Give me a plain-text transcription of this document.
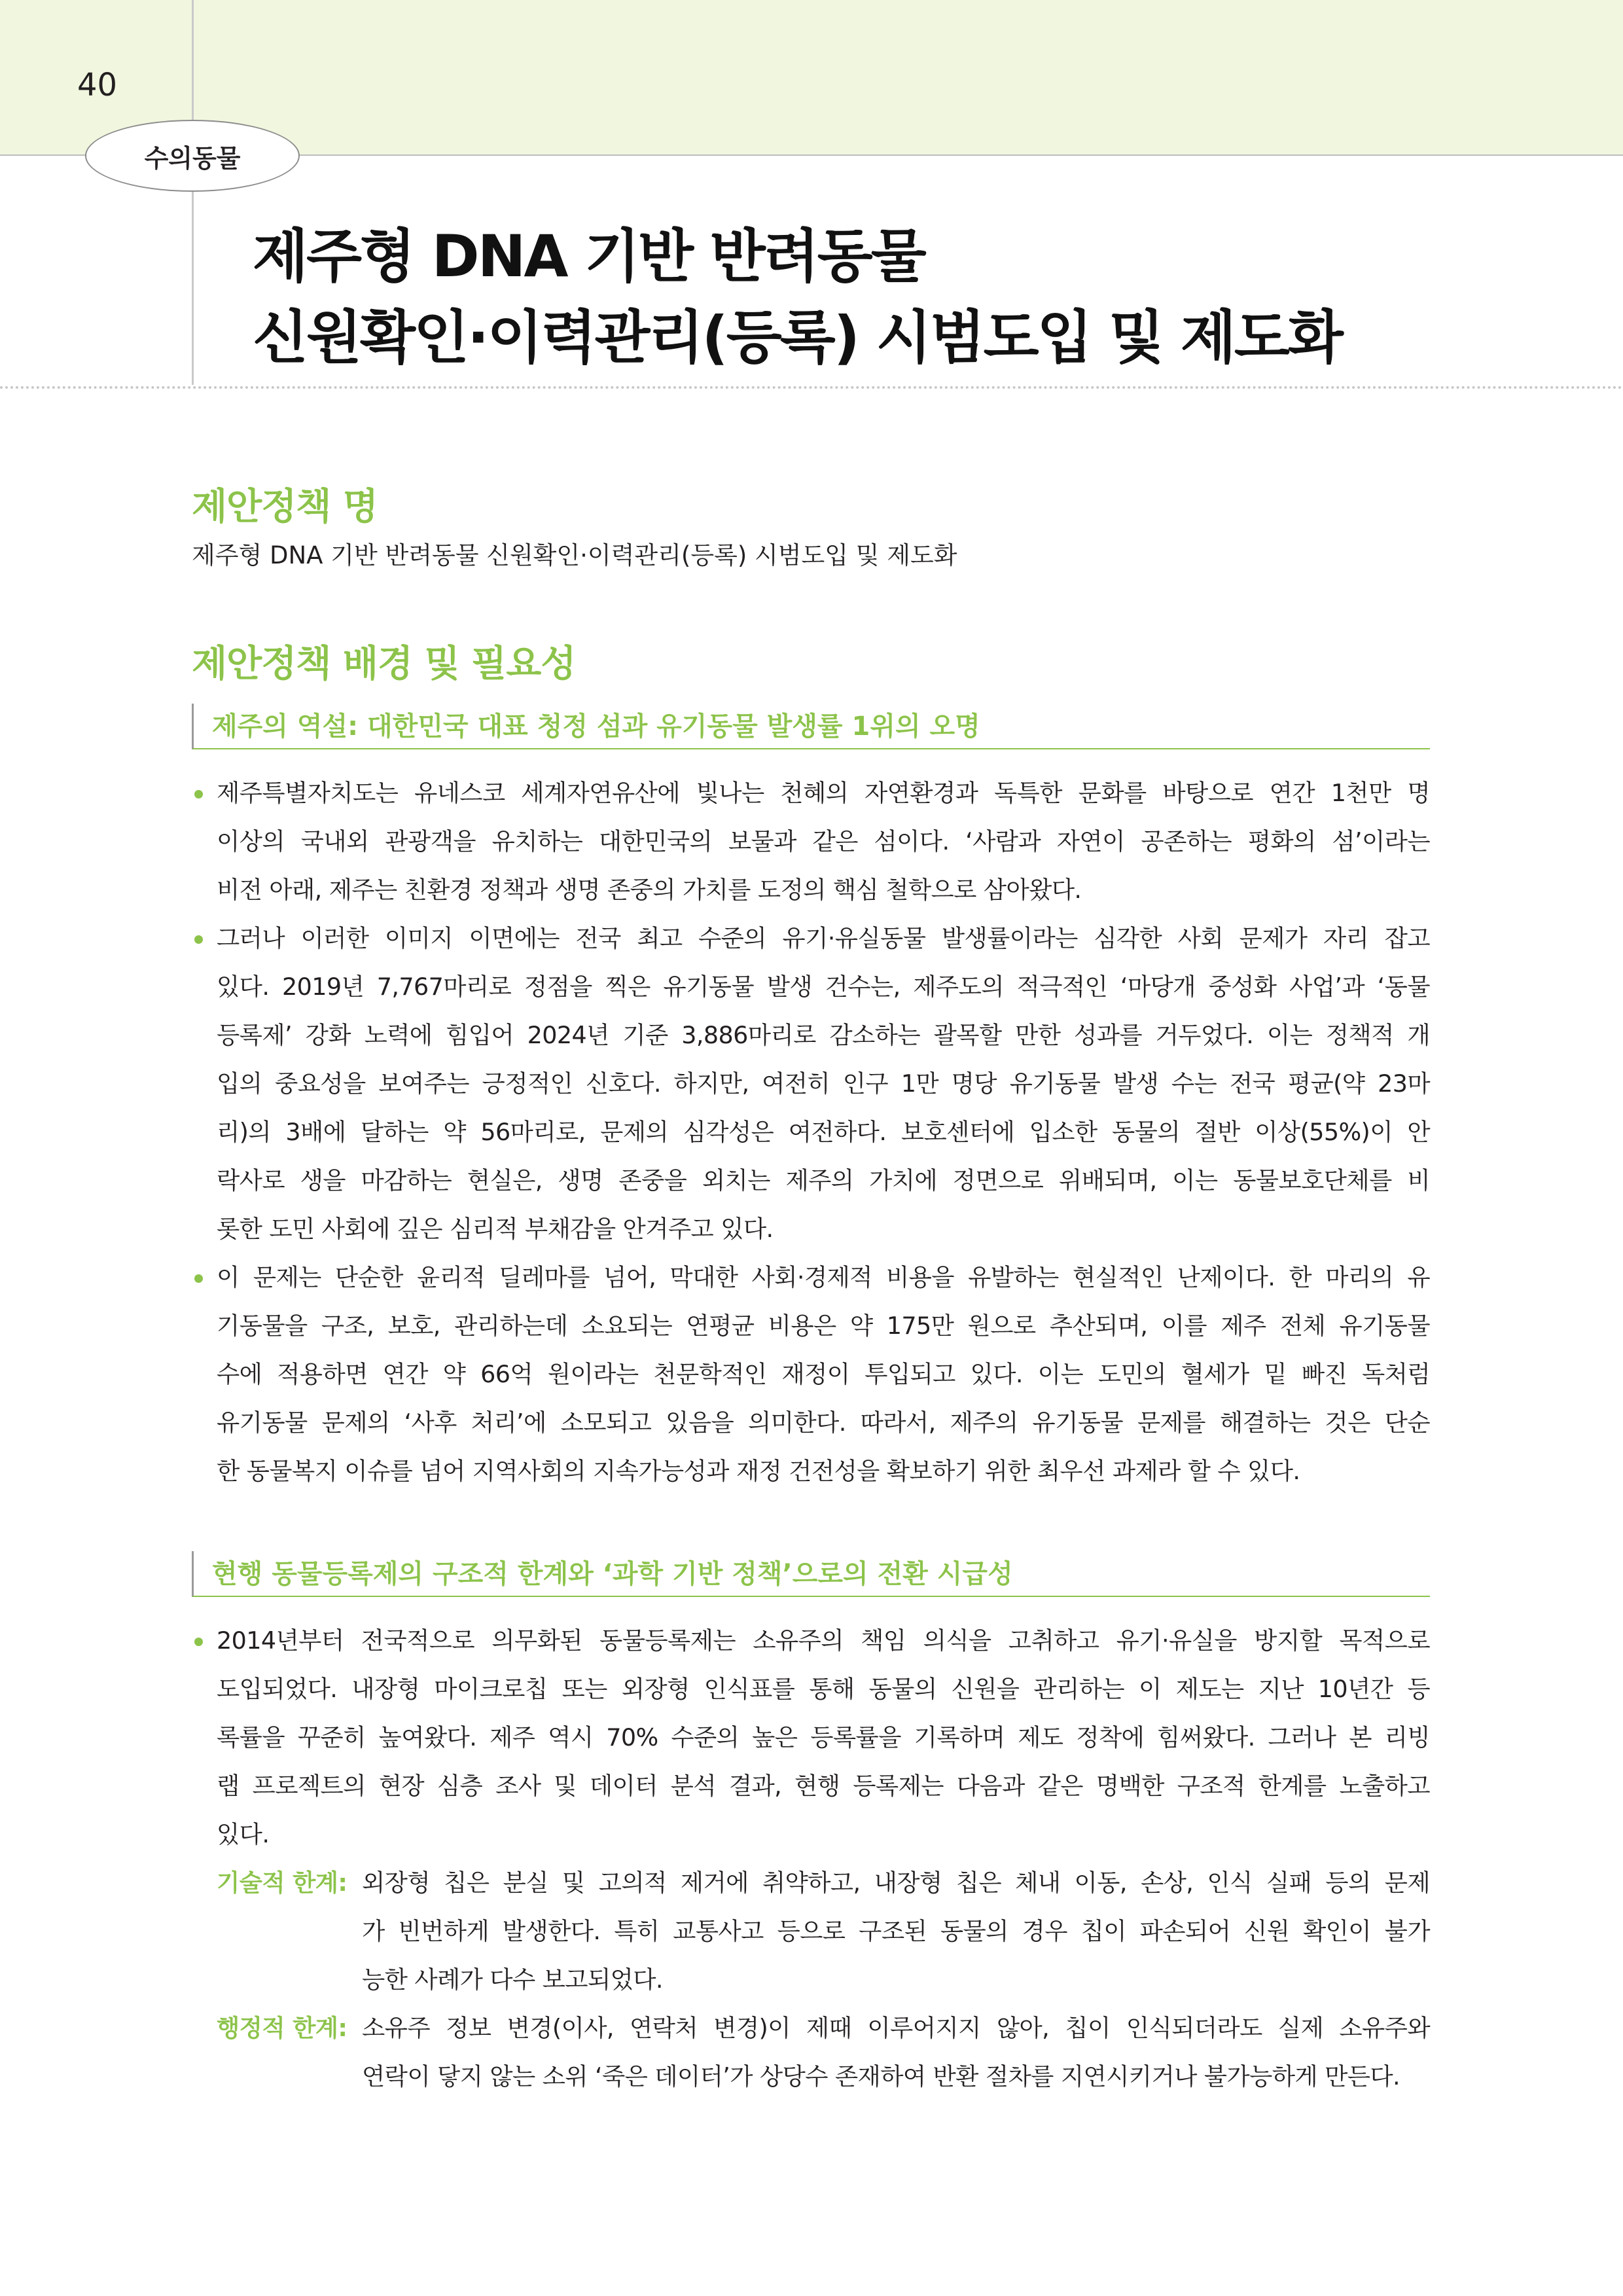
40
수의동물
제주형 DNA 기반 반려동물
신원확인·이력관리(등록) 시범도입 및 제도화
제안정책 명
제주형 DNA 기반 반려동물 신원확인·이력관리(등록) 시범도입 및 제도화
제안정책 배경 및 필요성
제주의 역설: 대한민국 대표 청정 섬과 유기동물 발생률 1위의 오명
제주특별자치도는 유네스코 세계자연유산에 빛나는 천혜의 자연환경과 독특한 문화를 바탕으로 연간 1천만 명
이상의 국내외 관광객을 유치하는 대한민국의 보물과 같은 섬이다. ‘사람과 자연이 공존하는 평화의 섬’이라는
비전 아래, 제주는 친환경 정책과 생명 존중의 가치를 도정의 핵심 철학으로 삼아왔다.
그러나 이러한 이미지 이면에는 전국 최고 수준의 유기·유실동물 발생률이라는 심각한 사회 문제가 자리 잡고
있다. 2019년 7,767마리로 정점을 찍은 유기동물 발생 건수는, 제주도의 적극적인 ‘마당개 중성화 사업’과 ‘동물
등록제’ 강화 노력에 힘입어 2024년 기준 3,886마리로 감소하는 괄목할 만한 성과를 거두었다. 이는 정책적 개
입의 중요성을 보여주는 긍정적인 신호다. 하지만, 여전히 인구 1만 명당 유기동물 발생 수는 전국 평균(약 23마
리)의 3배에 달하는 약 56마리로, 문제의 심각성은 여전하다. 보호센터에 입소한 동물의 절반 이상(55%)이 안
락사로 생을 마감하는 현실은, 생명 존중을 외치는 제주의 가치에 정면으로 위배되며, 이는 동물보호단체를 비
롯한 도민 사회에 깊은 심리적 부채감을 안겨주고 있다.
이 문제는 단순한 윤리적 딜레마를 넘어, 막대한 사회·경제적 비용을 유발하는 현실적인 난제이다. 한 마리의 유
기동물을 구조, 보호, 관리하는데 소요되는 연평균 비용은 약 175만 원으로 추산되며, 이를 제주 전체 유기동물
수에 적용하면 연간 약 66억 원이라는 천문학적인 재정이 투입되고 있다. 이는 도민의 혈세가 밑 빠진 독처럼
유기동물 문제의 ‘사후 처리’에 소모되고 있음을 의미한다. 따라서, 제주의 유기동물 문제를 해결하는 것은 단순
한 동물복지 이슈를 넘어 지역사회의 지속가능성과 재정 건전성을 확보하기 위한 최우선 과제라 할 수 있다.
현행 동물등록제의 구조적 한계와 ‘과학 기반 정책’으로의 전환 시급성
2014년부터 전국적으로 의무화된 동물등록제는 소유주의 책임 의식을 고취하고 유기·유실을 방지할 목적으로
도입되었다. 내장형 마이크로칩 또는 외장형 인식표를 통해 동물의 신원을 관리하는 이 제도는 지난 10년간 등
록률을 꾸준히 높여왔다. 제주 역시 70% 수준의 높은 등록률을 기록하며 제도 정착에 힘써왔다. 그러나 본 리빙
랩 프로젝트의 현장 심층 조사 및 데이터 분석 결과, 현행 등록제는 다음과 같은 명백한 구조적 한계를 노출하고
있다.
기술적 한계: 외장형 칩은 분실 및 고의적 제거에 취약하고, 내장형 칩은 체내 이동, 손상, 인식 실패 등의 문제
가 빈번하게 발생한다. 특히 교통사고 등으로 구조된 동물의 경우 칩이 파손되어 신원 확인이 불가
능한 사례가 다수 보고되었다.
행정적 한계: 소유주 정보 변경(이사, 연락처 변경)이 제때 이루어지지 않아, 칩이 인식되더라도 실제 소유주와
연락이 닿지 않는 소위 ‘죽은 데이터’가 상당수 존재하여 반환 절차를 지연시키거나 불가능하게 만든다.
